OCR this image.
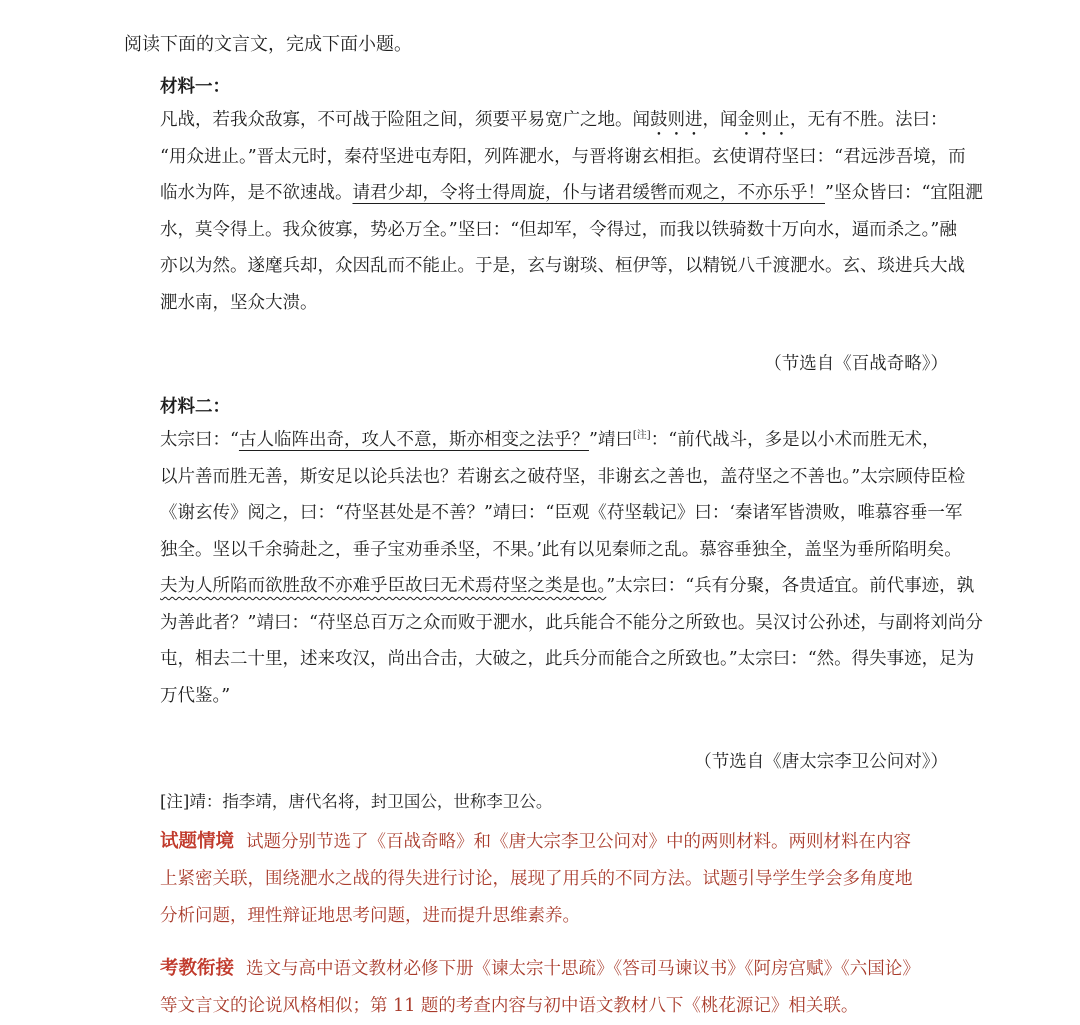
阅读下面的文言文，完成下面小题。
材料一：
凡战，若我众敌寡，不可战于险阻之间，须要平易宽广之地。闻鼓则进，闻金则止，无有不胜。法曰：
“用众进止。”晋太元时，秦苻坚进屯寿阳，列阵淝水，与晋将谢玄相拒。玄使谓苻坚曰：“君远涉吾境，而
临水为阵，是不欲速战。请君少却，令将士得周旋，仆与诸君缓辔而观之，不亦乐乎！”坚众皆曰：“宜阻淝
水，莫令得上。我众彼寡，势必万全。”坚曰：“但却军，令得过，而我以铁骑数十万向水，逼而杀之。”融
亦以为然。遂麾兵却，众因乱而不能止。于是，玄与谢琰、桓伊等，以精锐八千渡淝水。玄、琰进兵大战
淝水南，坚众大溃。
（节选自《百战奇略》）
材料二：
太宗曰：“古人临阵出奇，攻人不意，斯亦相变之法乎？”靖曰[注]：“前代战斗，多是以小术而胜无术，
以片善而胜无善，斯安足以论兵法也？若谢玄之破苻坚，非谢玄之善也，盖苻坚之不善也。”太宗顾侍臣检
《谢玄传》阅之，曰：“苻坚甚处是不善？”靖曰：“臣观《苻坚载记》曰：‘秦诸军皆溃败，唯慕容垂一军
独全。坚以千余骑赴之，垂子宝劝垂杀坚，不果。’此有以见秦师之乱。慕容垂独全，盖坚为垂所陷明矣。
夫为人所陷而欲胜敌不亦难乎臣故曰无术焉苻坚之类是也。”太宗曰：“兵有分聚，各贵适宜。前代事迹，孰
为善此者？”靖曰：“苻坚总百万之众而败于淝水，此兵能合不能分之所致也。吴汉讨公孙述，与副将刘尚分
屯，相去二十里，述来攻汉，尚出合击，大破之，此兵分而能合之所致也。”太宗曰：“然。得失事迹，足为
万代鉴。”
（节选自《唐太宗李卫公问对》）
[注]靖：指李靖，唐代名将，封卫国公，世称李卫公。
试题情境 试题分别节选了《百战奇略》和《唐大宗李卫公问对》中的两则材料。两则材料在内容
上紧密关联，围绕淝水之战的得失进行讨论，展现了用兵的不同方法。试题引导学生学会多角度地
分析问题，理性辩证地思考问题，进而提升思维素养。
考教衔接 选文与高中语文教材必修下册《谏太宗十思疏》《答司马谏议书》《阿房宫赋》《六国论》
等文言文的论说风格相似；第 11 题的考查内容与初中语文教材八下《桃花源记》相关联。
